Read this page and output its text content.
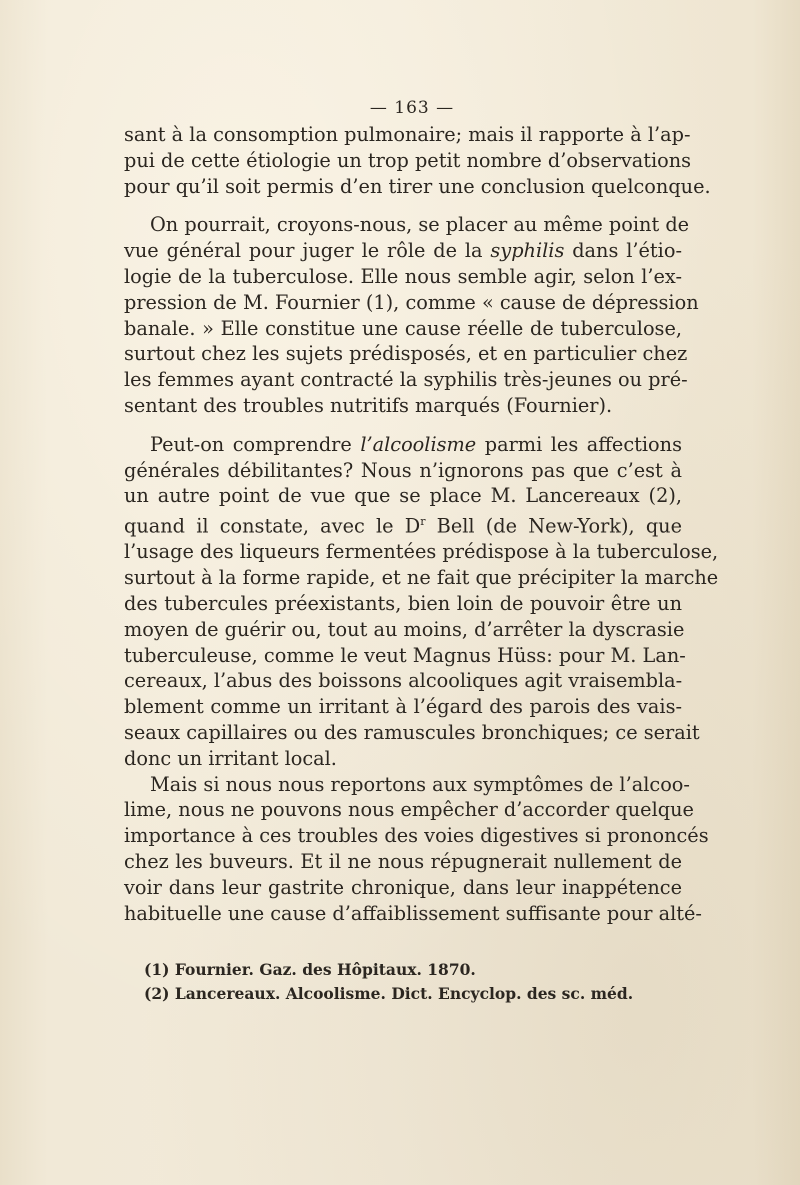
— 163 —
sant à la consomption pulmonaire; mais il rapporte à l’ap-
pui de cette étiologie un trop petit nombre d’observations
pour qu’il soit permis d’en tirer une conclusion quelconque.
On pourrait, croyons-nous, se placer au même point de
vue général pour juger le rôle de la syphilis dans l’étio-
logie de la tuberculose. Elle nous semble agir, selon l’ex-
pression de M. Fournier (1), comme « cause de dépression
banale. » Elle constitue une cause réelle de tuberculose,
surtout chez les sujets prédisposés, et en particulier chez
les femmes ayant contracté la syphilis très-jeunes ou pré-
sentant des troubles nutritifs marqués (Fournier).
Peut-on comprendre l’alcoolisme parmi les affections
générales débilitantes? Nous n’ignorons pas que c’est à
un autre point de vue que se place M. Lancereaux (2),
quand il constate, avec le $D^r$ Bell (de New-York), que
l’usage des liqueurs fermentées prédispose à la tuberculose,
surtout à la forme rapide, et ne fait que précipiter la marche
des tubercules préexistants, bien loin de pouvoir être un
moyen de guérir ou, tout au moins, d’arrêter la dyscrasie
tuberculeuse, comme le veut Magnus Hüss: pour M. Lan-
cereaux, l’abus des boissons alcooliques agit vraisembla-
blement comme un irritant à l’égard des parois des vais-
seaux capillaires ou des ramuscules bronchiques; ce serait
donc un irritant local.
Mais si nous nous reportons aux symptômes de l’alcoo-
lime, nous ne pouvons nous empêcher d’accorder quelque
importance à ces troubles des voies digestives si prononcés
chez les buveurs. Et il ne nous répugnerait nullement de
voir dans leur gastrite chronique, dans leur inappétence
habituelle une cause d’affaiblissement suffisante pour alté-
(1) Fournier. Gaz. des Hôpitaux. 1870.
(2) Lancereaux. Alcoolisme. Dict. Encyclop. des sc. méd.
